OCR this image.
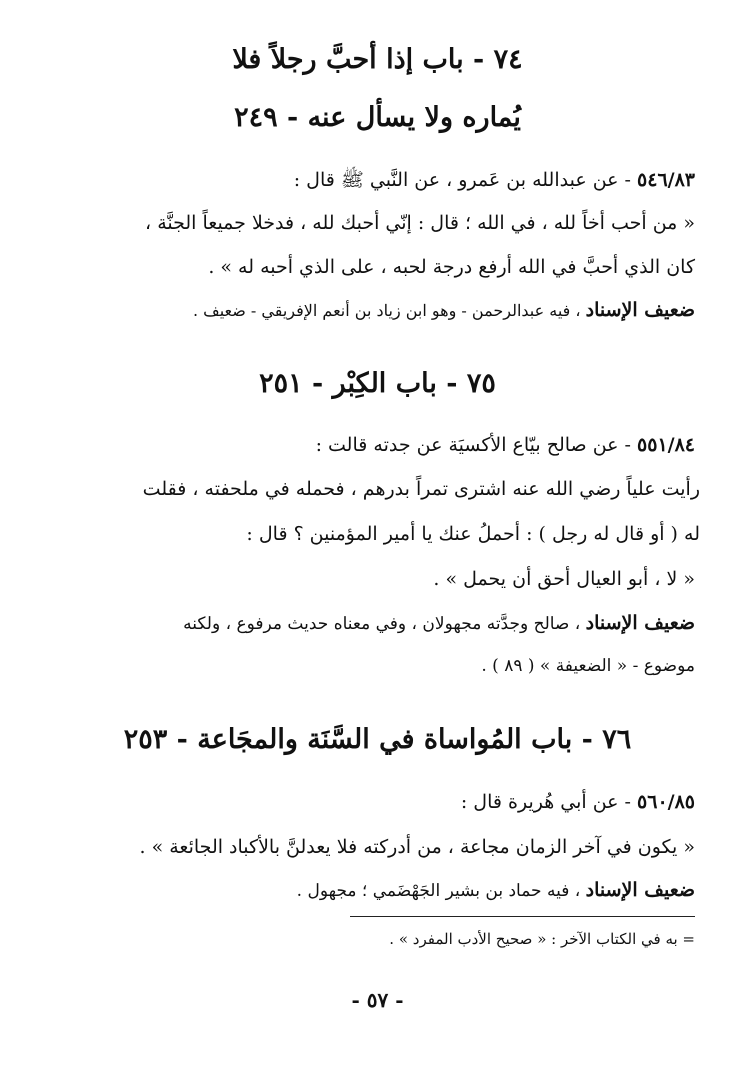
٧٤ - باب إذا أحبَّ رجلاً فلا
يُماره ولا يسأل عنه - ٢٤٩
٥٤٦/٨٣ - عن عبدالله بن عَمرو ، عن النَّبي ﷺ قال :
« من أحب أخاً لله ، في الله ؛ قال : إنّي أحبك لله ، فدخلا جميعاً الجنَّة ،
كان الذي أحبَّ في الله أرفع درجة لحبه ، على الذي أحبه له » .
ضعيف الإسناد ، فيه عبدالرحمن - وهو ابن زياد بن أنعم الإفريقي - ضعيف .
٧٥ - باب الكِبْر - ٢٥١
٥٥١/٨٤ - عن صالح بيّاع الأكسيَة عن جدته قالت :
رأيت علياً رضي الله عنه اشترى تمراً بدرهم ، فحمله في ملحفته ، فقلت
له ( أو قال له رجل ) : أحملُ عنك يا أمير المؤمنين ؟ قال :
« لا ، أبو العيال أحق أن يحمل » .
ضعيف الإسناد ، صالح وجدَّته مجهولان ، وفي معناه حديث مرفوع ، ولكنه
موضوع - « الضعيفة » ( ٨٩ ) .
٧٦ - باب المُواساة في السَّنَة والمجَاعة - ٢٥٣
٥٦٠/٨٥ - عن أبي هُريرة قال :
« يكون في آخر الزمان مجاعة ، من أدركته فلا يعدلنَّ بالأكباد الجائعة » .
ضعيف الإسناد ، فيه حماد بن بشير الجَهْضَمي ؛ مجهول .
= به في الكتاب الآخر : « صحيح الأدب المفرد » .
- ٥٧ -
